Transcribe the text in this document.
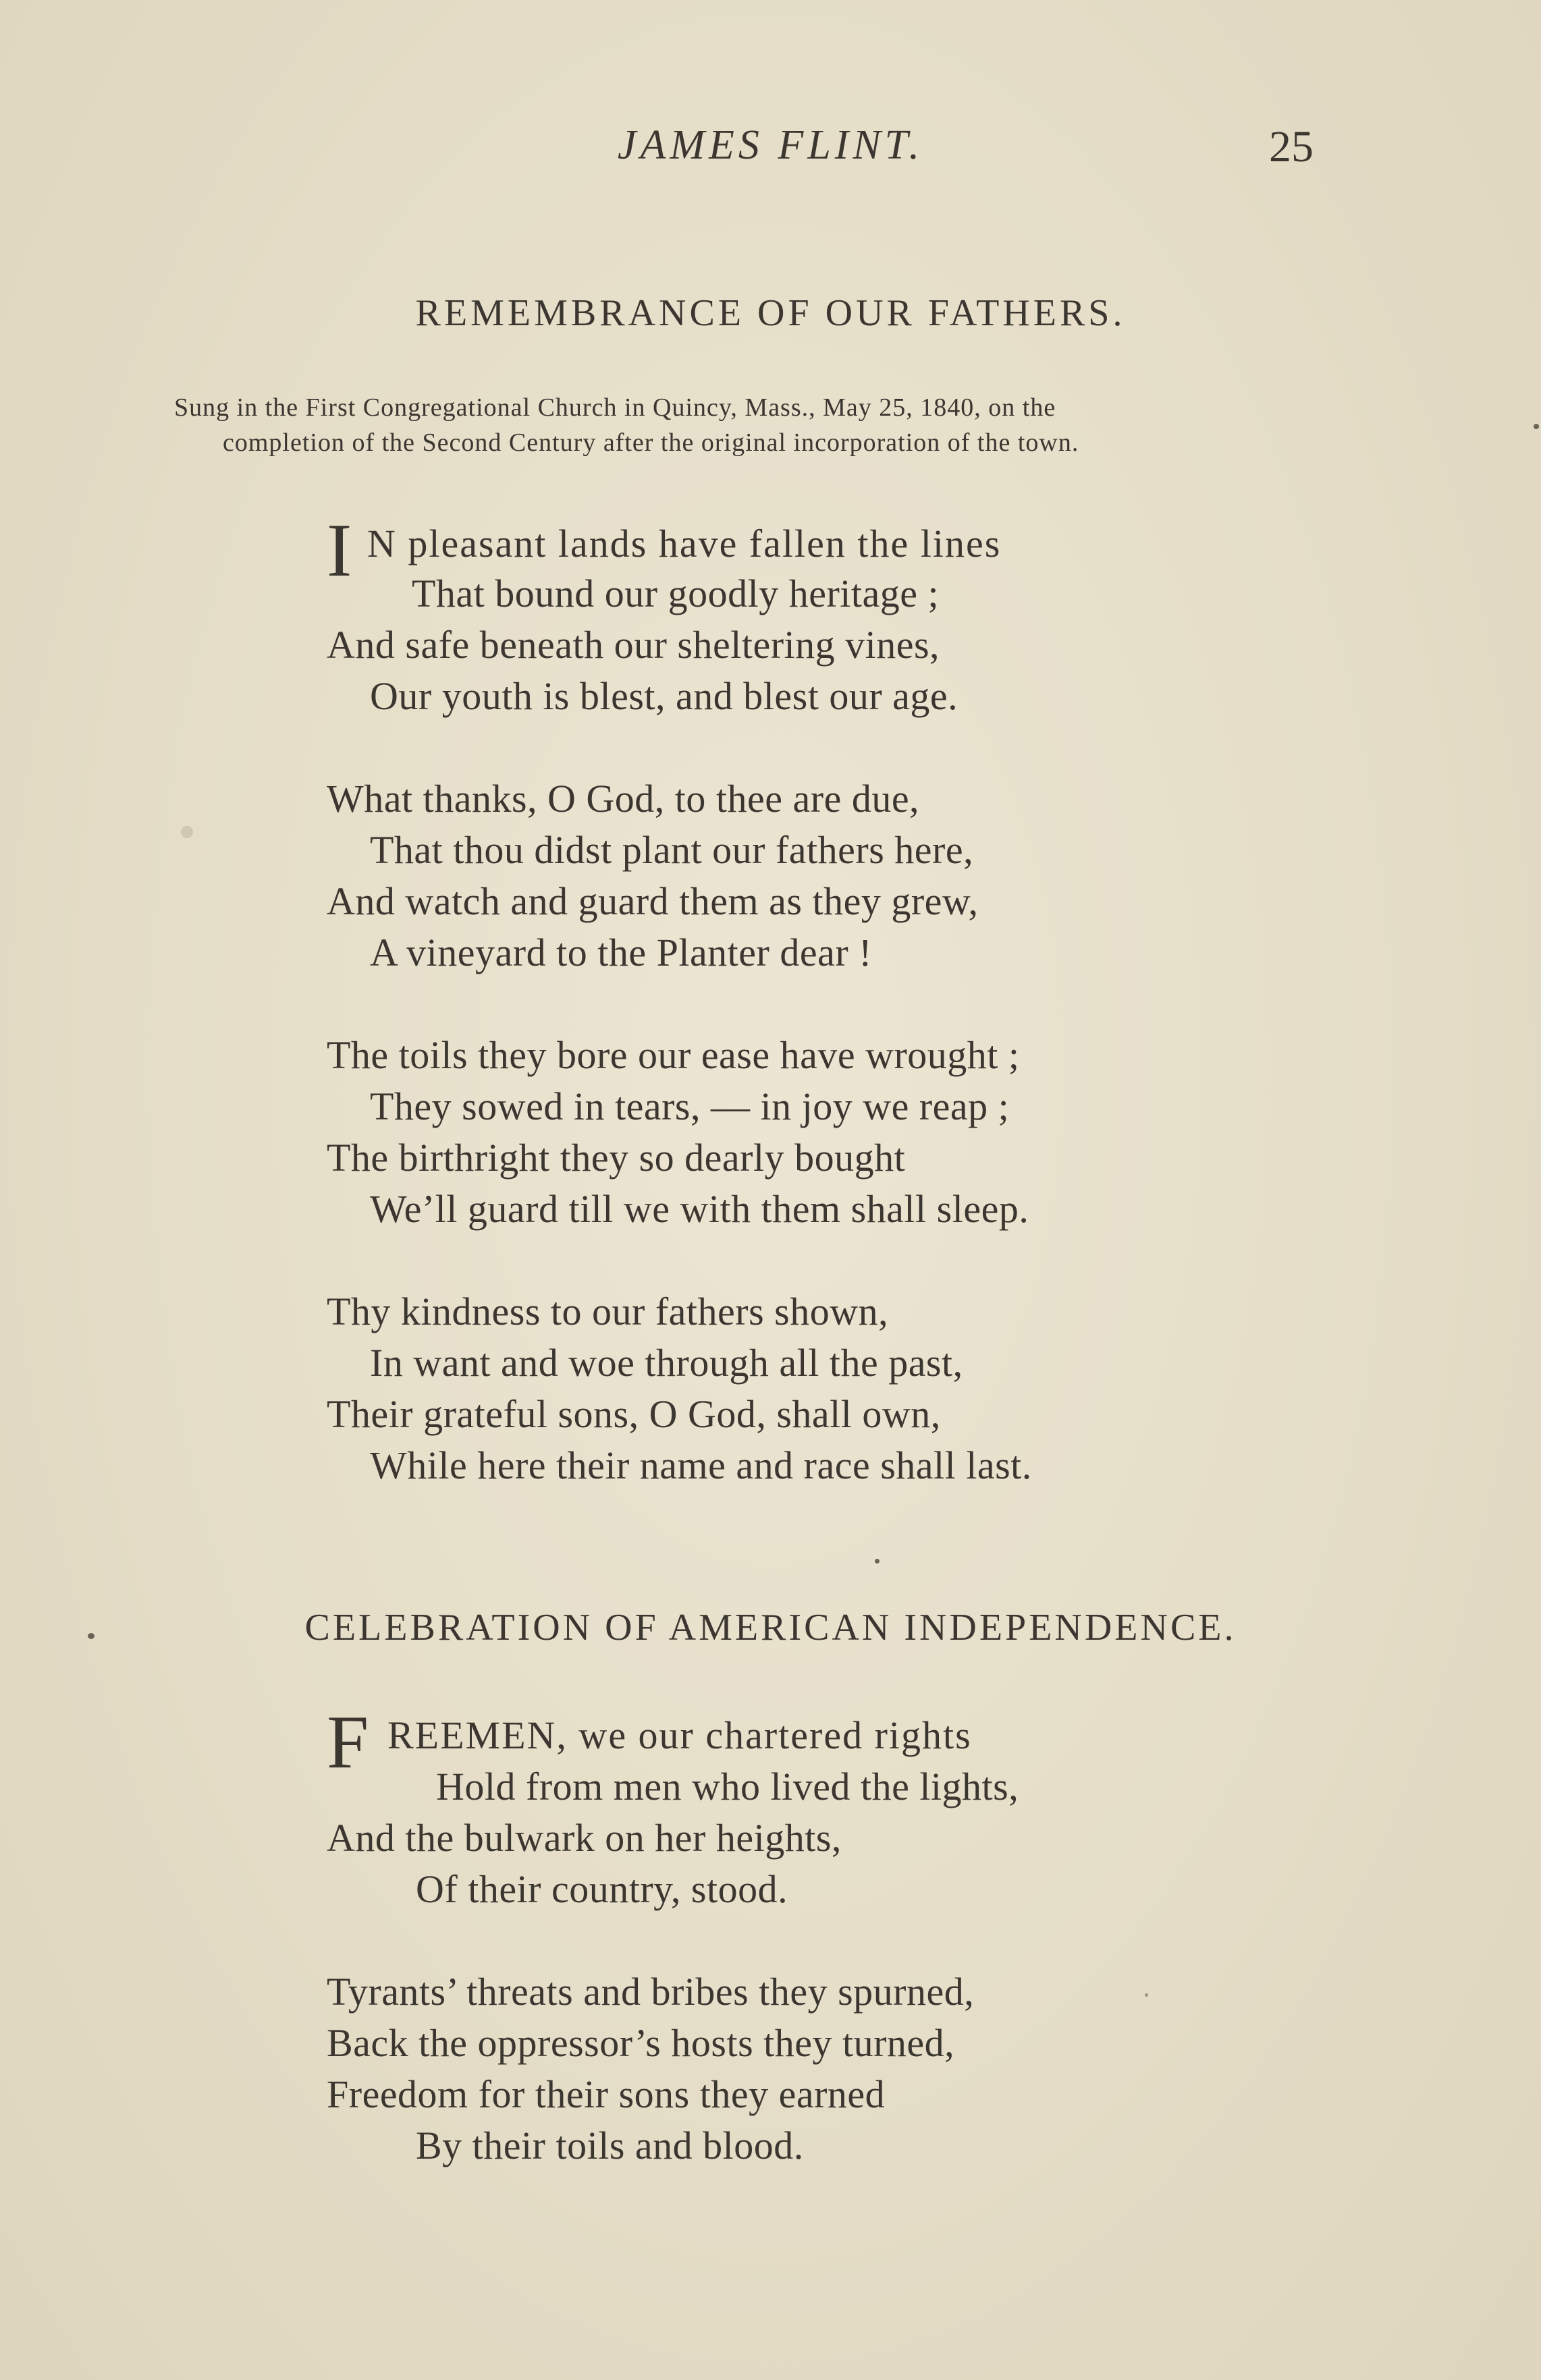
JAMES FLINT.	25
REMEMBRANCE OF OUR FATHERS.
Sung in the First Congregational Church in Quincy, Mass., May 25, 1840, on the
completion of the Second Century after the original incorporation of the town.
I N pleasant lands have fallen the lines
That bound our goodly heritage ;
And safe beneath our sheltering vines,
Our youth is blest, and blest our age.
What thanks, O God, to thee are due,
That thou didst plant our fathers here,
And watch and guard them as they grew,
A vineyard to the Planter dear !
The toils they bore our ease have wrought ;
They sowed in tears, — in joy we reap ;
The birthright they so dearly bought
We’ll guard till we with them shall sleep.
Thy kindness to our fathers shown,
In want and woe through all the past,
Their grateful sons, O God, shall own,
While here their name and race shall last.
CELEBRATION OF AMERICAN INDEPENDENCE.
F REEMEN, we our chartered rights
Hold from men who lived the lights,
And the bulwark on her heights,
Of their country, stood.
Tyrants’ threats and bribes they spurned,
Back the oppressor’s hosts they turned,
Freedom for their sons they earned
By their toils and blood.
